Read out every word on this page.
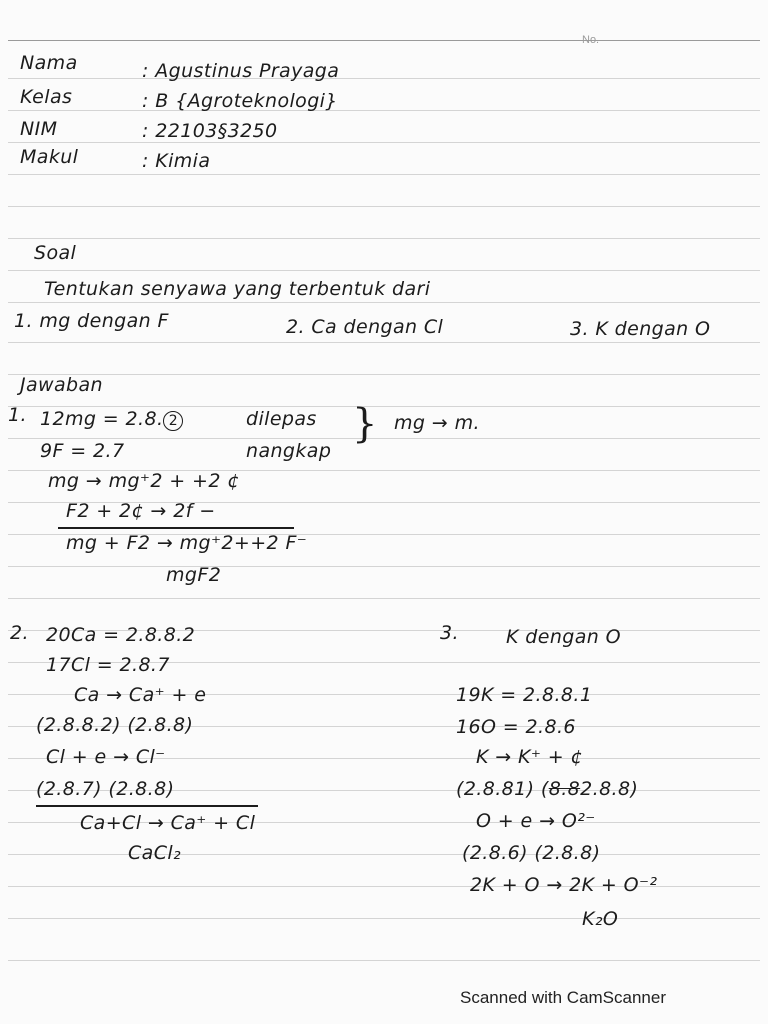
No.
Nama	: Agustinus Prayaga
Kelas	: B {Agroteknologi}
NIM	: 22103§3250
Makul	: Kimia
Soal
Tentukan senyawa yang terbentuk dari
1. mg dengan F	2. Ca dengan Cl	3. K dengan O
Jawaban
1. 12mg = 2.8. 2	dilepas } mg → m.
9F = 2.7	nangkap
mg → mg⁺2 + +2 ¢
F2 + 2¢ → 2f −
mg + F2 → mg⁺2++2 F⁻
mgF2
2. 20Ca = 2.8.8.2
17Cl = 2.8.7
Ca → Ca⁺ + e
(2.8.8.2) (2.8.8)
Cl + e → Cl⁻
(2.8.7) (2.8.8)
Ca+Cl → Ca⁺ + Cl
CaCl₂
3. K dengan O
19K = 2.8.8.1
16O = 2.8.6
K → K⁺ + ¢
(2.8.81) (8.82.8.8)
O + e → O²⁻
(2.8.6) (2.8.8)
2K + O → 2K + O⁻²
K₂O
Scanned with CamScanner
